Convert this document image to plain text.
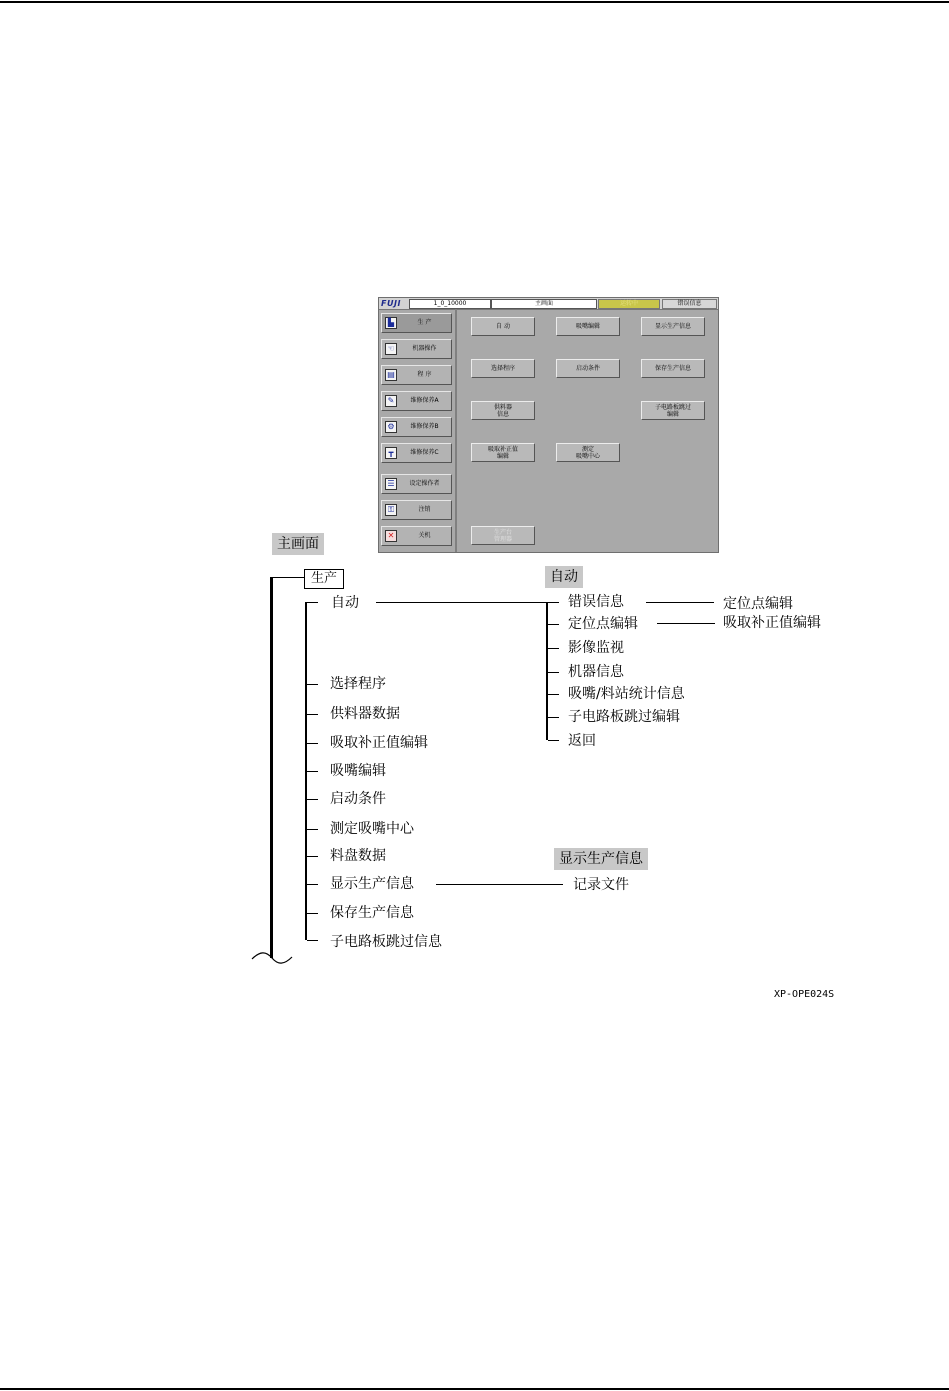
FUJI	1_0_10000	主画面	运转中	错误信息
▙	生 产
☜	机器操作
▤	程 序
✎	维修保养A
⚙	维修保养B
┳	维修保养C
☰	设定操作者
⚿	注销
✕	关机
自 动	吸嘴编辑	显示生产信息
选择程序	启动条件	保存生产信息
供料器
信息
子电路板跳过
编辑
吸取补正值
编辑
测定
吸嘴中心
生产台
管理器
主画面
生产
自动
选择程序
供料器数据
吸取补正值编辑
吸嘴编辑
启动条件
测定吸嘴中心
料盘数据
显示生产信息
保存生产信息
子电路板跳过信息
自动
错误信息	定位点编辑
定位点编辑	吸取补正值编辑
影像监视
机器信息
吸嘴/料站统计信息
子电路板跳过编辑
返回
显示生产信息
记录文件
XP-OPE024S
